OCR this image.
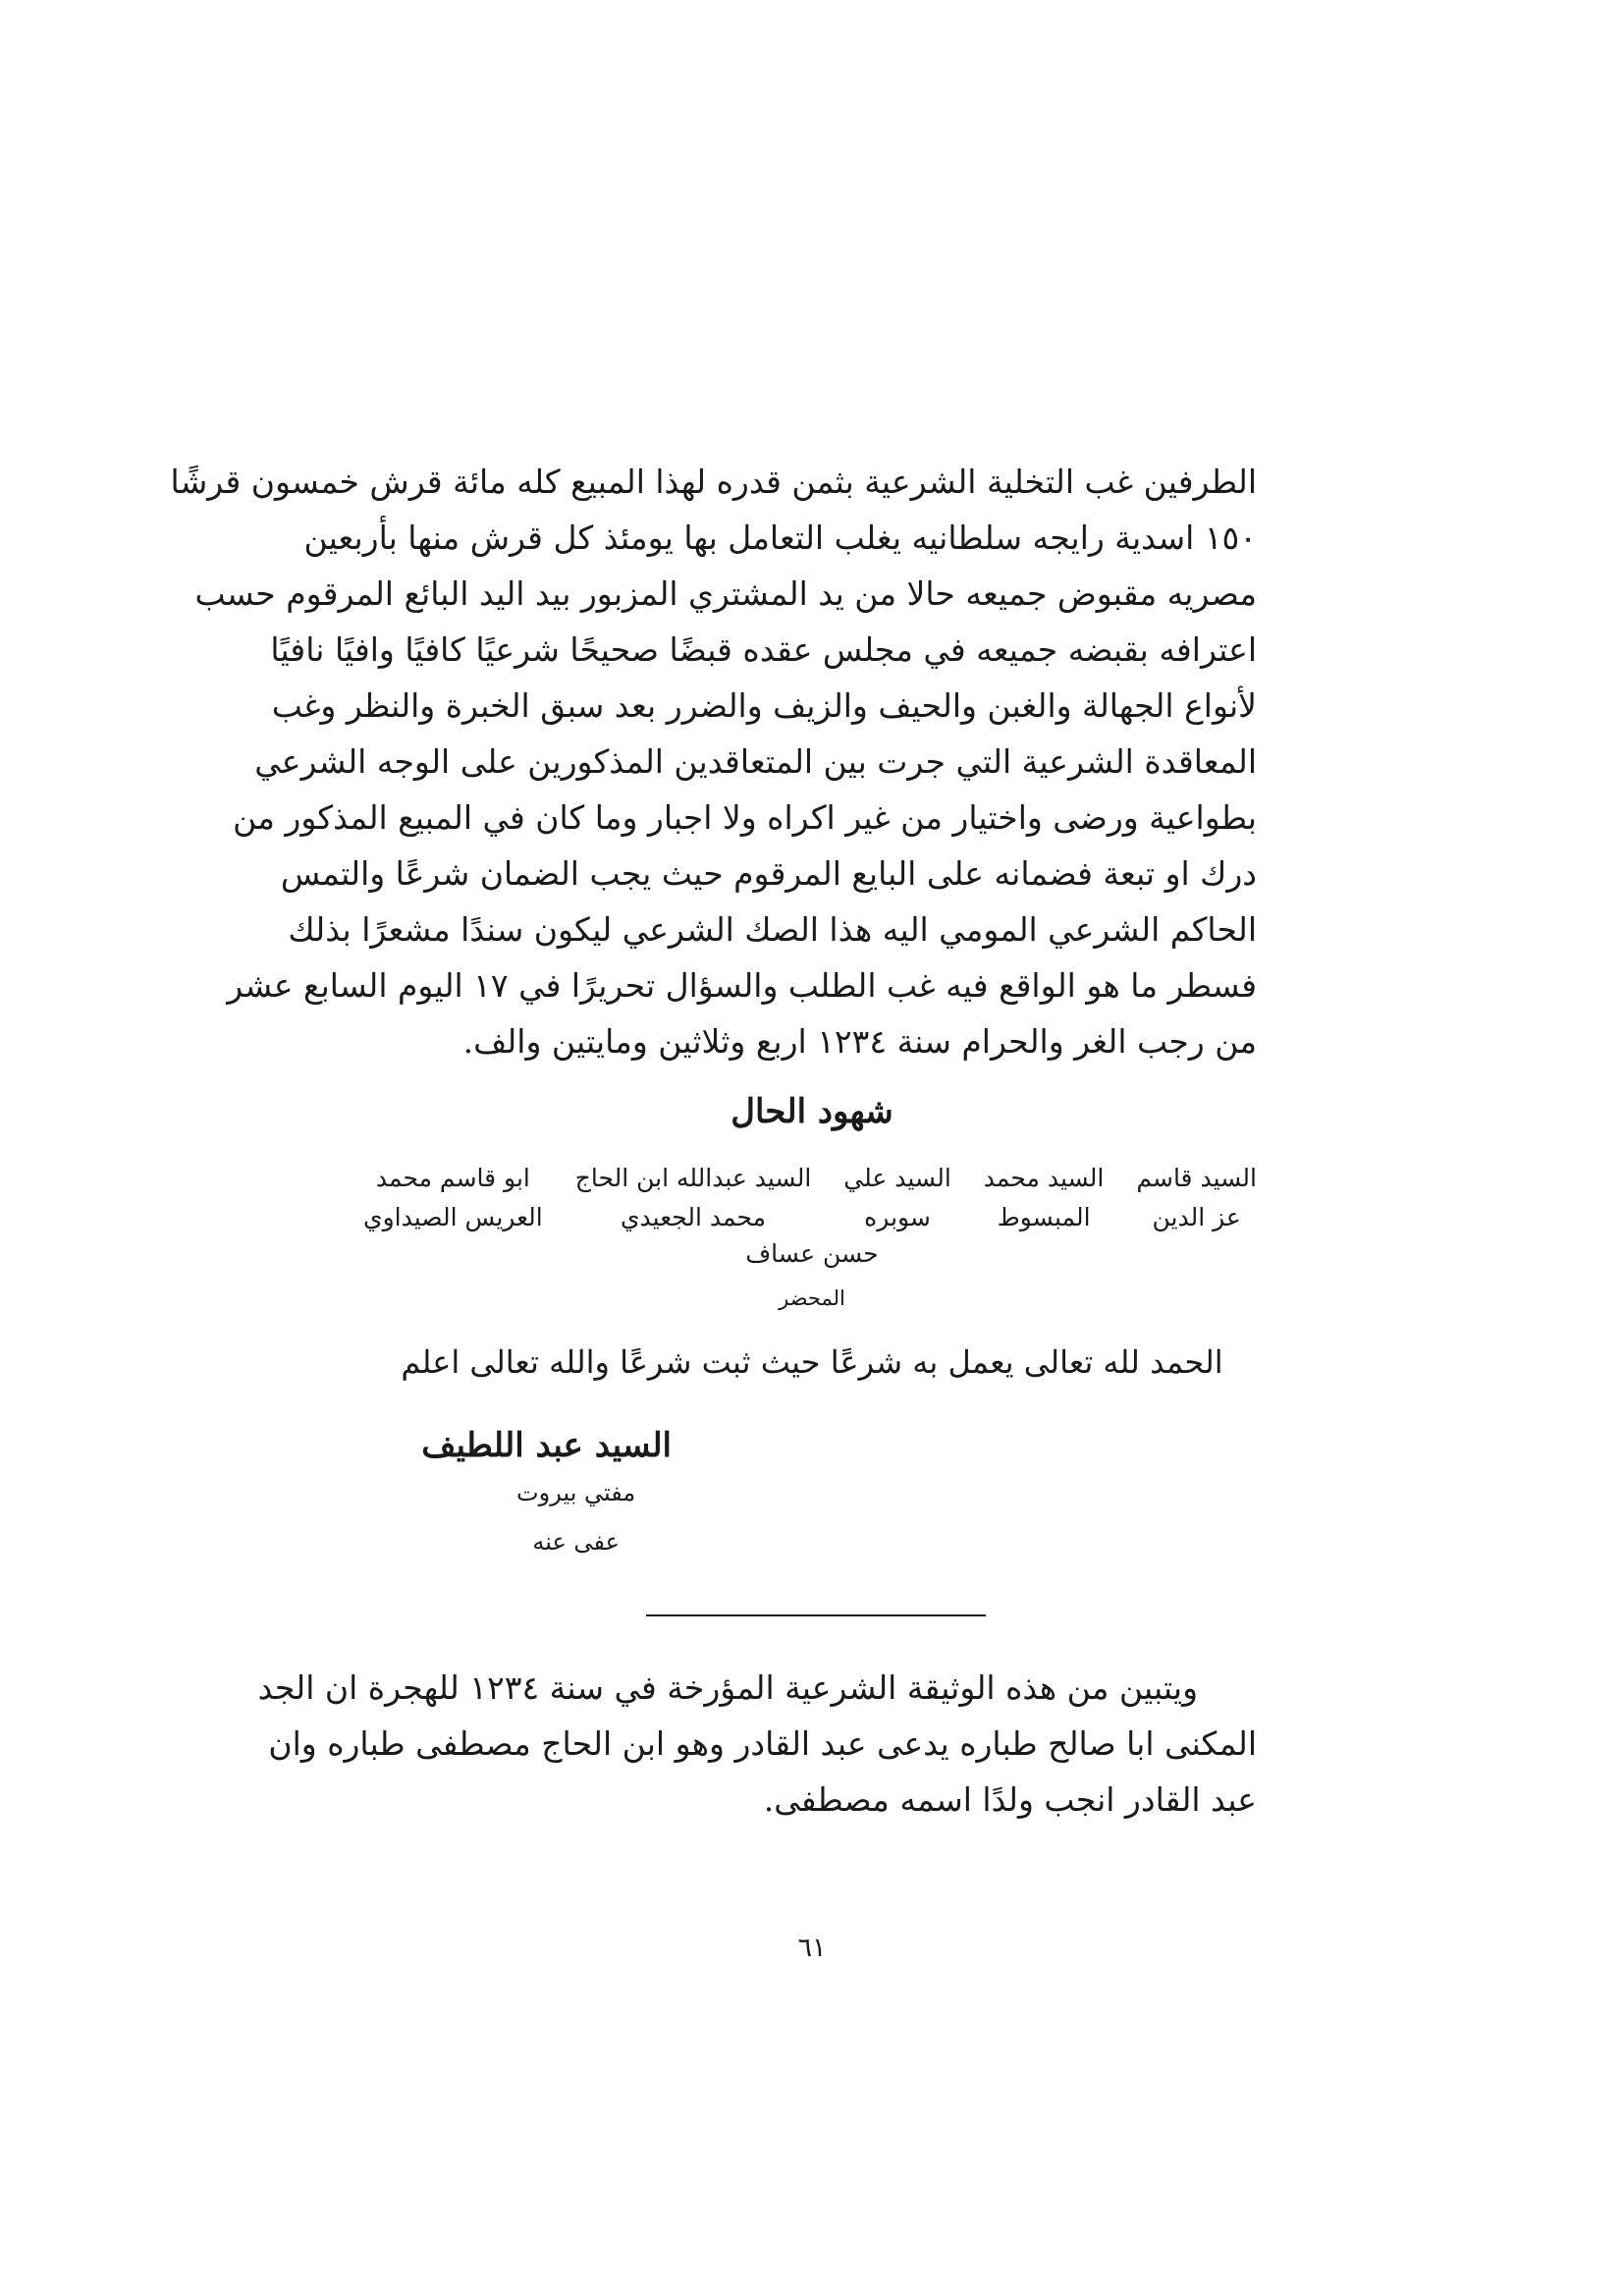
الطرفين غب التخلية الشرعية بثمن قدره لهذا المبيع كله مائة قرش خمسون قرشًا
١٥٠ اسدية رايجه سلطانيه يغلب التعامل بها يومئذ كل قرش منها بأربعين
مصريه مقبوض جميعه حالا من يد المشتري المزبور بيد اليد البائع المرقوم حسب
اعترافه بقبضه جميعه في مجلس عقده قبضًا صحيحًا شرعيًا كافيًا وافيًا نافيًا
لأنواع الجهالة والغبن والحيف والزيف والضرر بعد سبق الخبرة والنظر وغب
المعاقدة الشرعية التي جرت بين المتعاقدين المذكورين على الوجه الشرعي
بطواعية ورضى واختيار من غير اكراه ولا اجبار وما كان في المبيع المذكور من
درك او تبعة فضمانه على البايع المرقوم حيث يجب الضمان شرعًا والتمس
الحاكم الشرعي المومي اليه هذا الصك الشرعي ليكون سندًا مشعرًا بذلك
فسطر ما هو الواقع فيه غب الطلب والسؤال تحريرًا في ١٧ اليوم السابع عشر
من رجب الغر والحرام سنة ١٢٣٤ اربع وثلاثين ومايتين والف.
شهود الحال
السيد قاسم
عز الدين
السيد محمد
المبسوط
السيد علي
سوبره
السيد عبدالله ابن الحاج
محمد الجعيدي
ابو قاسم محمد
العريس الصيداوي
حسن عساف
المحضر
الحمد لله تعالى يعمل به شرعًا حيث ثبت شرعًا والله تعالى اعلم
السيد عبد اللطيف
مفتي بيروت
عفى عنه
ويتبين من هذه الوثيقة الشرعية المؤرخة في سنة ١٢٣٤ للهجرة ان الجد
المكنى ابا صالح طباره يدعى عبد القادر وهو ابن الحاج مصطفى طباره وان
عبد القادر انجب ولدًا اسمه مصطفى.
٦١
